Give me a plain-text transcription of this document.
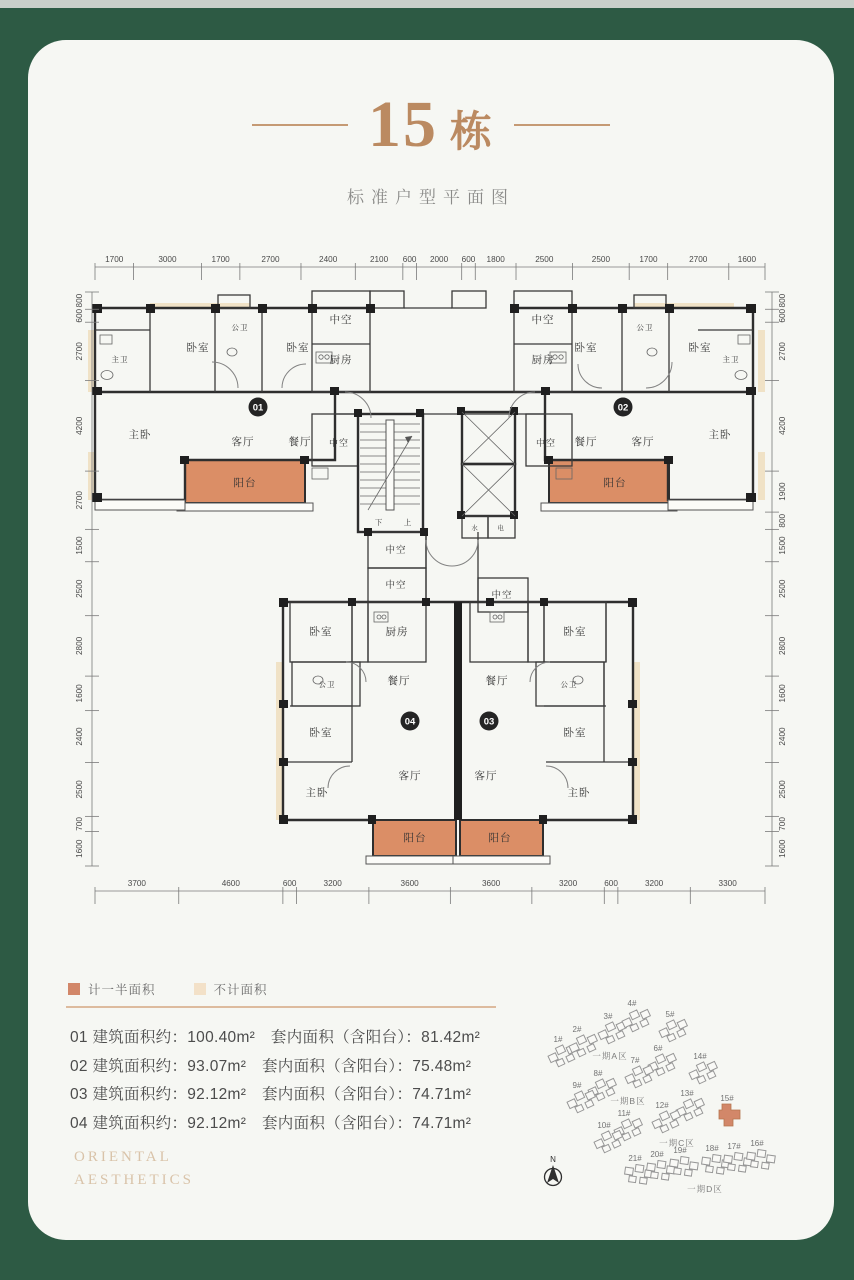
15 栋
标准户型平面图
1700	3000	1700	2700	2400	2100 600 2000 600 1800	2500	2500	1700	2700	1600
3700	4600	600	3200	3600	3600	3200	600	3200	3300
800
600
2700
4200
2700
1500
2500
2800
1600
2400
2500
700
1600
800
600
2700
4200
1900
800
1500
2500
2800
1600
2400
2500
700
1600
卧室
公卫
卧室
主卫
中空
厨房
主卧
客厅	餐厅 中空
阳台
中空
厨房
卧室
公卫
卧室
主卫
餐厅	客厅
主卧
中空
阳台
下	上
水	电
中空
中空
中空
卧室	厨房
公卫	餐厅
卧室
主卧
客厅
阳台
卧室
公卫
餐厅
卧室
主卧
客厅
阳台
01	02
04	03
计一半面积	不计面积
01 建筑面积约：100.40m²　套内面积（含阳台）：81.42m²
02 建筑面积约：93.07m²　套内面积（含阳台）：75.48m²
03 建筑面积约：92.12m²　套内面积（含阳台）：74.71m²
04 建筑面积约：92.12m²　套内面积（含阳台）：74.71m²
ORIENTAL
AESTHETICS
1#
2#
3#
4#
5#
6#
7#
8#
9#
14#
13#
12#
11#
10#
15#
21# 20# 19# 18# 17# 16#
一期A区
一期B区
一期C区
一期D区
N
